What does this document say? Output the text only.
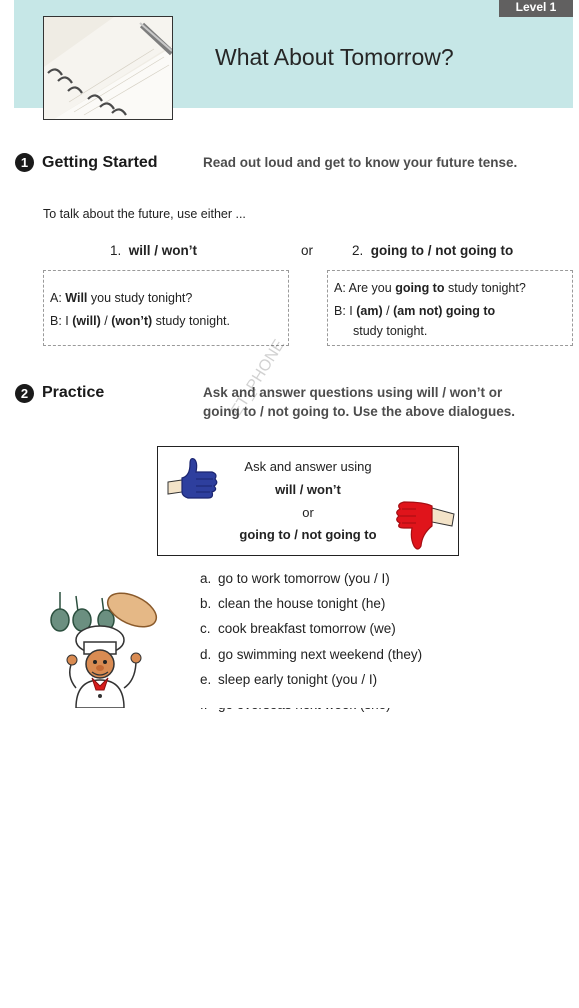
Level 1
What About Tomorrow?
1 Getting Started	Read out loud and get to know your future tense.
To talk about the future, use either ...
1. will / won’t	or	2. going to / not going to
A: Will you study tonight?
B: I (will) / (won’t) study tonight.
A: Are you going to study tonight?
B: I (am) / (am not) going to
study tonight.
2 Practice	Ask and answer questions using will / won’t or
going to / not going to. Use the above dialogues.
Ask and answer using
will / won’t
or
going to / not going to
a. go to work tomorrow (you / I)
b. clean the house tonight (he)
c. cook breakfast tomorrow (we)
d. go swimming next weekend (they)
e. sleep early tonight (you / I)
ET_PHONE
